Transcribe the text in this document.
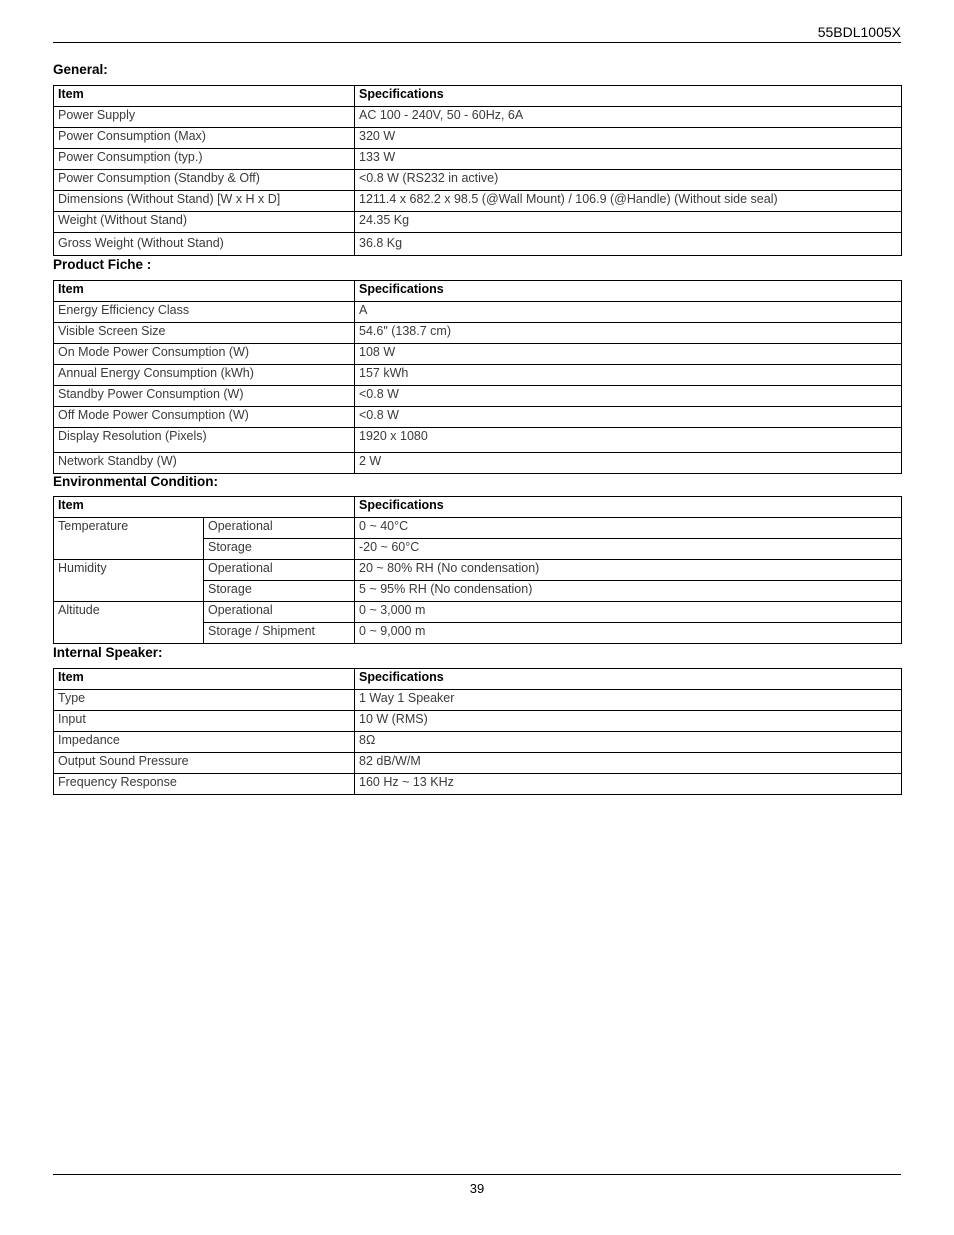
55BDL1005X
General:
Item	Specifications
Power Supply	AC 100 - 240V, 50 - 60Hz, 6A
Power Consumption (Max)	320 W
Power Consumption (typ.)	133 W
Power Consumption (Standby & Off)	<0.8 W (RS232 in active)
Dimensions (Without Stand) [W x H x D]	1211.4 x 682.2 x 98.5 (@Wall Mount) / 106.9 (@Handle) (Without side seal)
Weight (Without Stand)	24.35 Kg
Gross Weight (Without Stand)	36.8 Kg
Product Fiche :
Item	Specifications
Energy Efficiency Class	A
Visible Screen Size	54.6" (138.7 cm)
On Mode Power Consumption (W)	108 W
Annual Energy Consumption (kWh)	157 kWh
Standby Power Consumption (W)	<0.8 W
Off Mode Power Consumption (W)	<0.8 W
Display Resolution (Pixels)	1920 x 1080
Network Standby (W)	2 W
Environmental Condition:
Item		Specifications
Temperature	Operational	0 ~ 40°C
	Storage	-20 ~ 60°C
Humidity	Operational	20 ~ 80% RH (No condensation)
	Storage	5 ~ 95% RH (No condensation)
Altitude	Operational	0 ~ 3,000 m
	Storage / Shipment	0 ~ 9,000 m
Internal Speaker:
Item	Specifications
Type	1 Way 1 Speaker
Input	10 W (RMS)
Impedance	8Ω
Output Sound Pressure	82 dB/W/M
Frequency Response	160 Hz ~ 13 KHz
39
